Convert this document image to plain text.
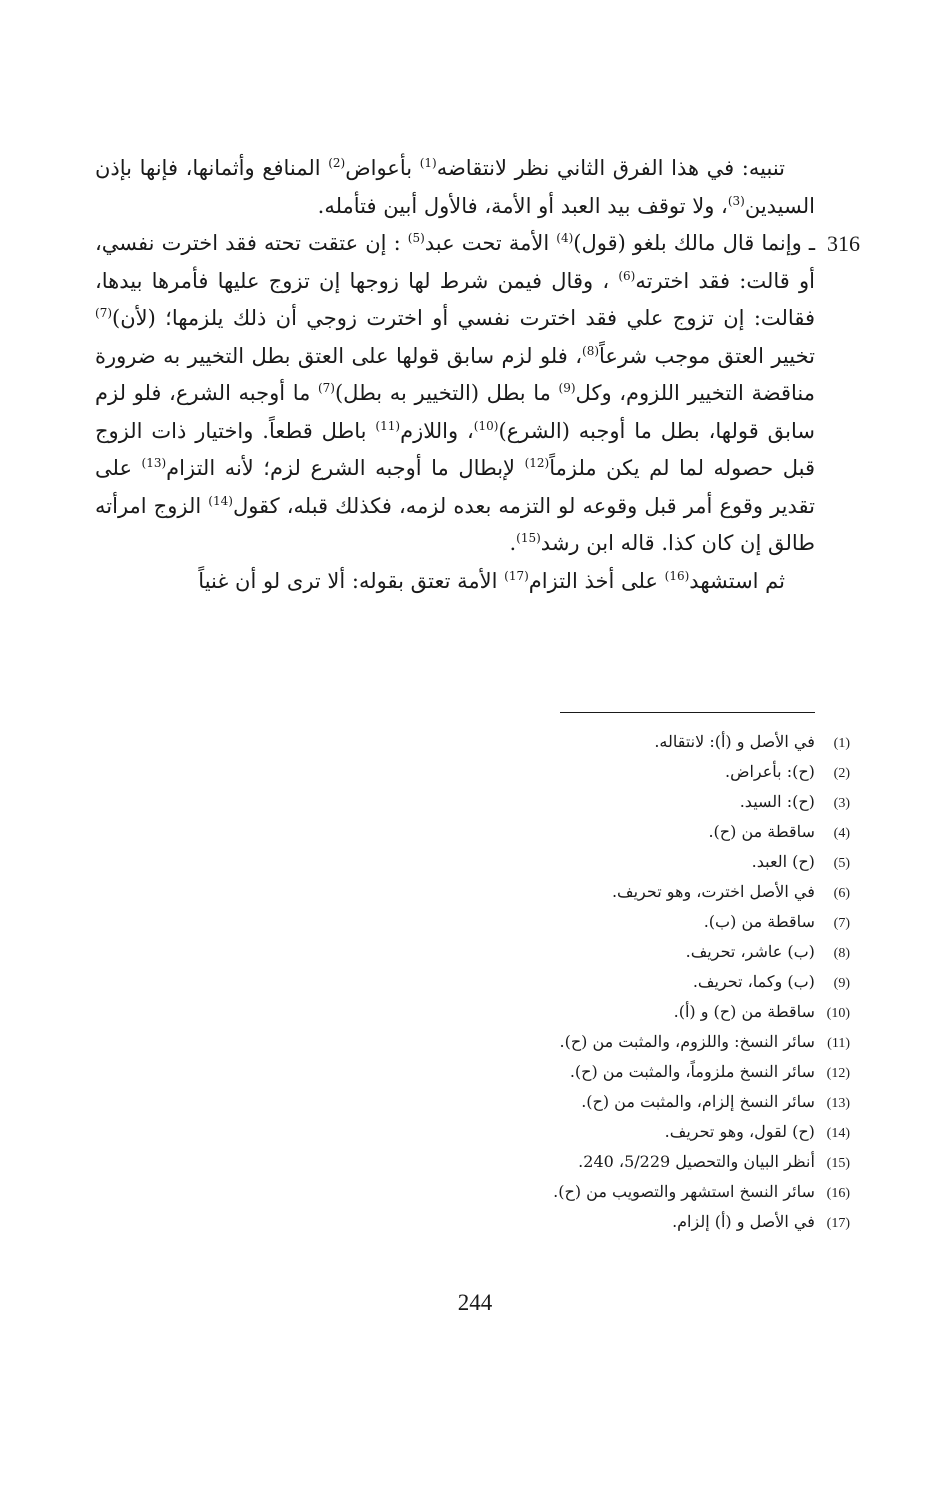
تنبيه: في هذا الفرق الثاني نظر لانتقاضه$^{(1)}$ بأعواض$^{(2)}$ المنافع وأثمانها، فإنها بإذن السيدين$^{(3)}$، ولا توقف بيد العبد أو الأمة، فالأول أبين فتأمله.

316
ـ وإنما قال مالك بلغو (قول)$^{(4)}$ الأمة تحت عبد$^{(5)}$ : إن عتقت تحته فقد اخترت نفسي، أو قالت: فقد اخترته$^{(6)}$ ، وقال فيمن شرط لها زوجها إن تزوج عليها فأمرها بيدها، فقالت: إن تزوج علي فقد اخترت نفسي أو اخترت زوجي أن ذلك يلزمها؛ (لأن)$^{(7)}$ تخيير العتق موجب شرعاً$^{(8)}$، فلو لزم سابق قولها على العتق بطل التخيير به ضرورة مناقضة التخيير اللزوم، وكل$^{(9)}$ ما بطل (التخيير به بطل)$^{(7)}$ ما أوجبه الشرع، فلو لزم سابق قولها، بطل ما أوجبه (الشرع)$^{(10)}$، واللازم$^{(11)}$ باطل قطعاً. واختيار ذات الزوج قبل حصوله لما لم يكن ملزماً$^{(12)}$ لإبطال ما أوجبه الشرع لزم؛ لأنه التزام$^{(13)}$ على تقدير وقوع أمر قبل وقوعه لو التزمه بعده لزمه، فكذلك قبله، كقول$^{(14)}$ الزوج امرأته طالق إن كان كذا. قاله ابن رشد$^{(15)}$.

ثم استشهد$^{(16)}$ على أخذ التزام$^{(17)}$ الأمة تعتق بقوله: ألا ترى لو أن غنياً

(1) في الأصل و (أ): لانتقاله.
(2) (ح): بأعراض.
(3) (ح): السيد.
(4) ساقطة من (ح).
(5) (ح) العبد.
(6) في الأصل اخترت، وهو تحريف.
(7) ساقطة من (ب).
(8) (ب) عاشر، تحريف.
(9) (ب) وكما، تحريف.
(10) ساقطة من (ح) و (أ).
(11) سائر النسخ: واللزوم، والمثبت من (ح).
(12) سائر النسخ ملزوماً، والمثبت من (ح).
(13) سائر النسخ إلزام، والمثبت من (ح).
(14) (ح) لقول، وهو تحريف.
(15) أنظر البيان والتحصيل 5/229، 240.
(16) سائر النسخ استشهر والتصويب من (ح).
(17) في الأصل و (أ) إلزام.
244
